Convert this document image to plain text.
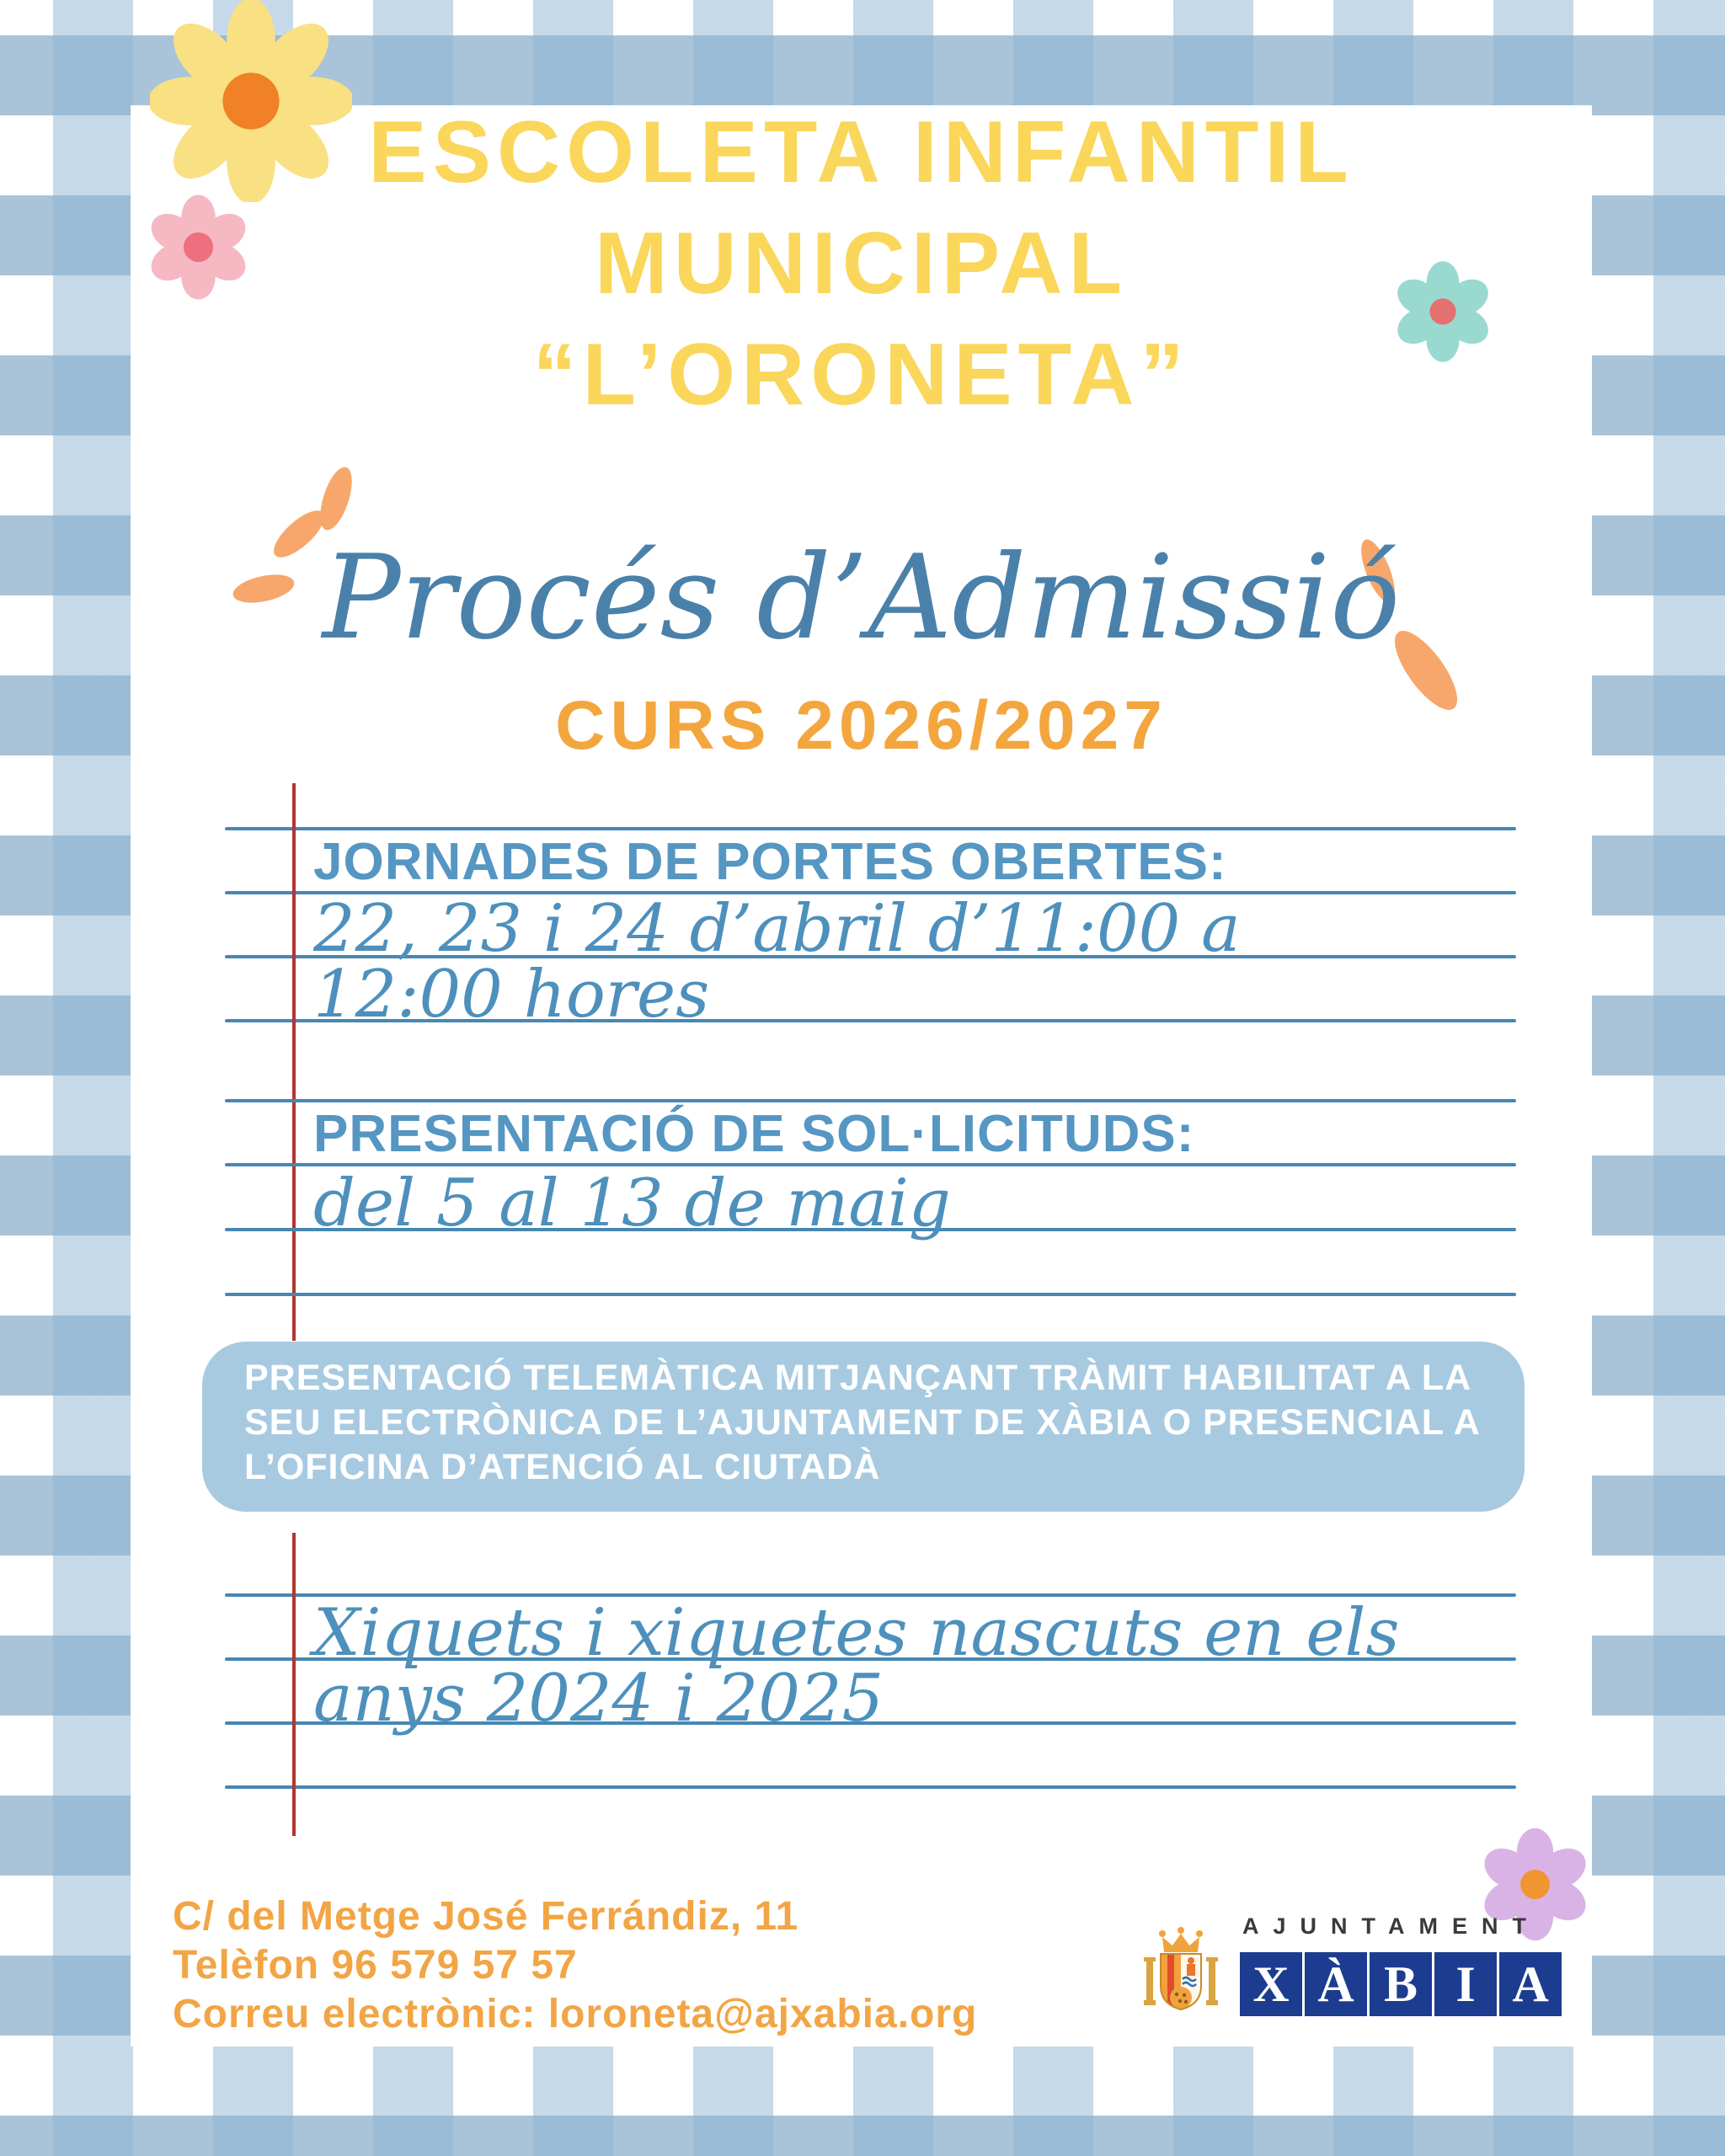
ESCOLETA INFANTIL
MUNICIPAL
“L’ORONETA”
Procés d’Admissió
CURS 2026/2027
JORNADES DE PORTES OBERTES:
22, 23 i 24 d’abril d’11:00 a
12:00 hores
PRESENTACIÓ DE SOL·LICITUDS:
del 5 al 13 de maig
PRESENTACIÓ TELEMÀTICA MITJANÇANT TRÀMIT HABILITAT A LA
SEU ELECTRÒNICA DE L’AJUNTAMENT DE XÀBIA O PRESENCIAL A
L’OFICINA D’ATENCIÓ AL CIUTADÀ
Xiquets i xiquetes nascuts en els
anys 2024 i 2025
C/ del Metge José Ferrándiz, 11
Telèfon 96 579 57 57
Correu electrònic: loroneta@ajxabia.org
AJUNTAMENT
X À B I A
